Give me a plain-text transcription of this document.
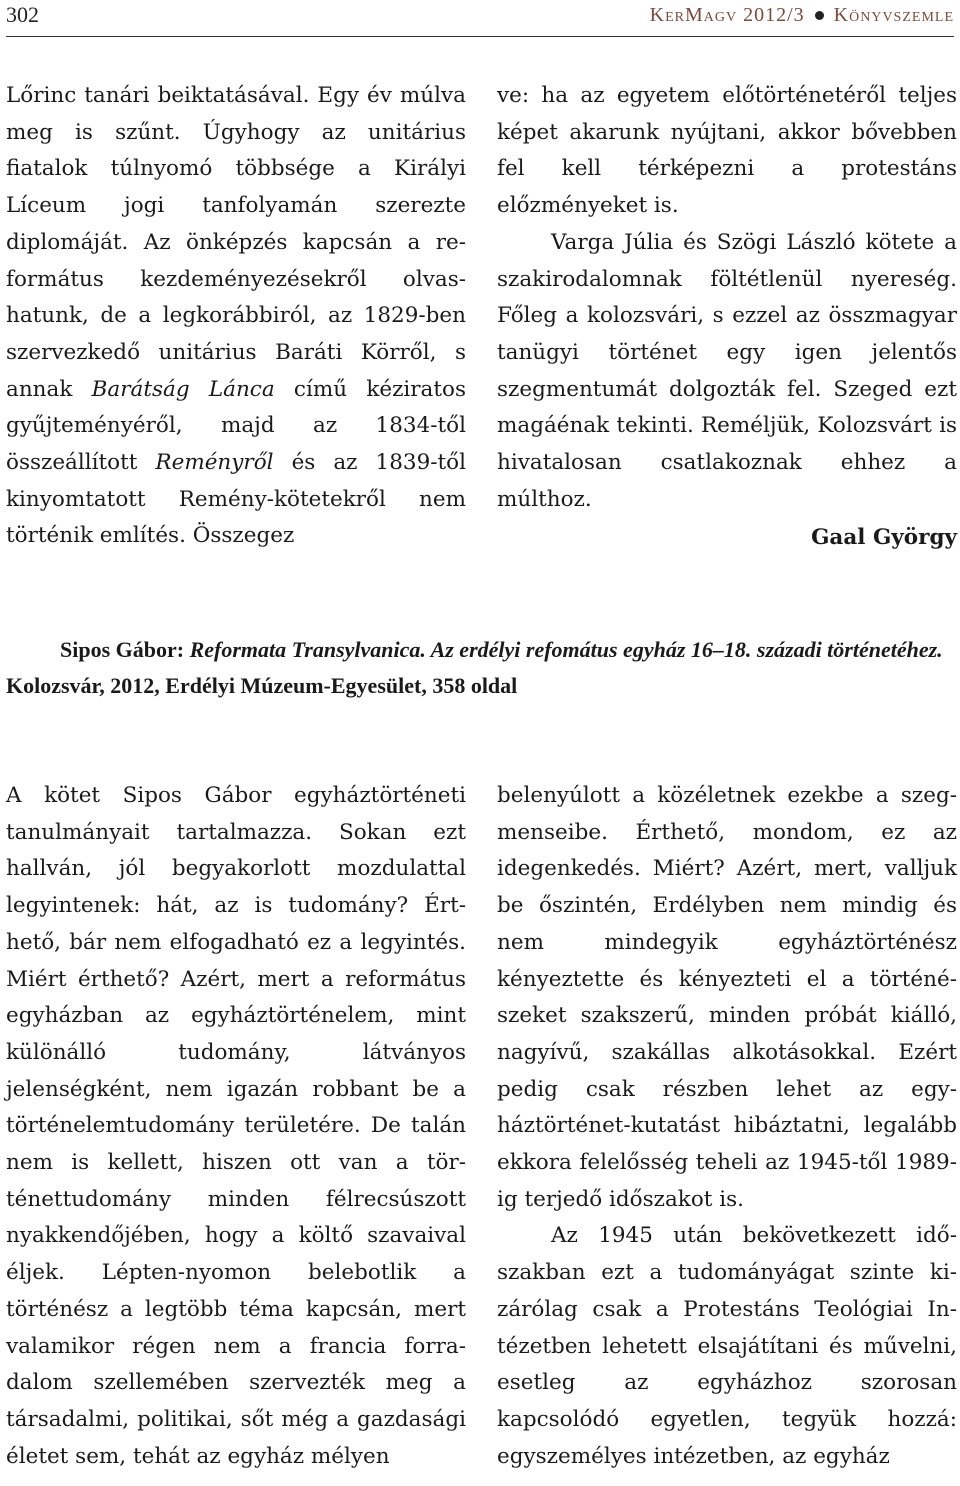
302	KerMagv 2012/3 Könyvszemle

Lőrinc tanári beiktatásával. Egy év múlva meg is szűnt. Úgyhogy az unitárius fiatalok túlnyomó többsége a Királyi Líceum jogi tanfolyamán szerezte diplomáját. Az önképzés kapcsán a református kezdeményezésekről olvashatunk, de a legkorábbiról, az 1829-ben szervezkedő unitárius Baráti Körről, s annak Barátság Lánca című kéziratos gyűjteményéről, majd az 1834-től összeállított Reményről és az 1839-től kinyomtatott Remény-kötetekről nem történik említés. Összegez

ve: ha az egyetem előtörténetéről teljes képet akarunk nyújtani, akkor bővebben fel kell térképezni a protestáns előzményeket is.

Varga Júlia és Szögi László kötete a szakirodalomnak föltétlenül nyereség. Főleg a kolozsvári, s ezzel az összmagyar tanügyi történet egy igen jelentős szegmentumát dolgozták fel. Szeged ezt magáénak tekinti. Reméljük, Kolozsvárt is hivatalosan csatlakoznak ehhez a múlthoz.

Gaal György

Sipos Gábor: Reformata Transylvanica. Az erdélyi refomátus egyház 16–18. századi történetéhez. Kolozsvár, 2012, Erdélyi Múzeum-Egyesület, 358 oldal

A kötet Sipos Gábor egyháztörténeti tanulmányait tartalmazza. Sokan ezt hallván, jól begyakorlott mozdulattal legyintenek: hát, az is tudomány? Érthető, bár nem elfogadható ez a legyintés. Miért érthető? Azért, mert a református egyházban az egyháztörténelem, mint különálló tudomány, látványos jelenségként, nem igazán robbant be a történelemtudomány területére. De talán nem is kellett, hiszen ott van a történettudomány minden félrecsúszott nyakkendőjében, hogy a költő szavaival éljek. Lépten-nyomon belebotlik a történész a legtöbb téma kapcsán, mert valamikor régen nem a francia forradalom szellemében szervezték meg a társadalmi, politikai, sőt még a gazdasági életet sem, tehát az egyház mélyen

belenyúlott a közéletnek ezekbe a szegmenseibe. Érthető, mondom, ez az idegenkedés. Miért? Azért, mert, valljuk be őszintén, Erdélyben nem mindig és nem mindegyik egyháztörténész kényeztette és kényezteti el a történészeket szakszerű, minden próbát kiálló, nagyívű, szakállas alkotásokkal. Ezért pedig csak részben lehet az egyháztörténet-kutatást hibáztatni, legalább ekkora felelősség teheli az 1945-től 1989-ig terjedő időszakot is.

Az 1945 után bekövetkezett időszakban ezt a tudományágat szinte kizárólag csak a Protestáns Teológiai Intézetben lehetett elsajátítani és művelni, esetleg az egyházhoz szorosan kapcsolódó egyetlen, tegyük hozzá: egyszemélyes intézetben, az egyház
